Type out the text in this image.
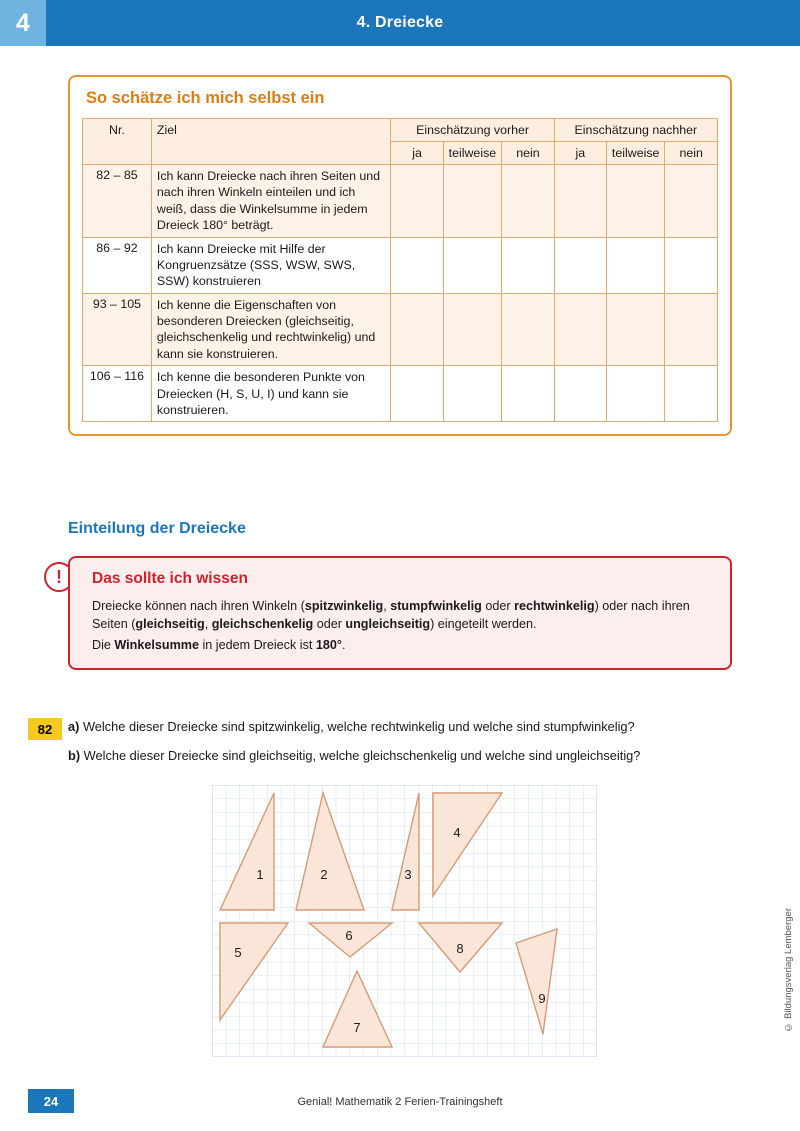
4	4. Dreiecke
So schätze ich mich selbst ein
Nr.	Ziel	Einschätzung vorher			Einschätzung nachher		
		ja	teilweise	nein	ja	teilweise	nein
82 – 85	Ich kann Dreiecke nach ihren Seiten und nach ihren Winkeln einteilen und ich weiß, dass die Winkelsumme in jedem Dreieck 180° beträgt.						
86 – 92	Ich kann Dreiecke mit Hilfe der Kongruenzsätze (SSS, WSW, SWS, SSW) konstruieren						
93 – 105	Ich kenne die Eigenschaften von besonderen Dreiecken (gleichseitig, gleichschenkelig und rechtwinkelig) und kann sie konstruieren.						
106 – 116	Ich kenne die besonderen Punkte von Dreiecken (H, S, U, I) und kann sie konstruieren.						
Einteilung der Dreiecke
!	Das sollte ich wissen

Dreiecke können nach ihren Winkeln (spitzwinkelig, stumpfwinkelig oder rechtwinkelig) oder nach ihren Seiten (gleichseitig, gleichschenkelig oder ungleichseitig) eingeteilt werden.

Die Winkelsumme in jedem Dreieck ist 180°.

82	a) Welche dieser Dreiecke sind spitzwinkelig, welche rechtwinkelig und welche sind stumpfwinkelig?
b) Welche dieser Dreiecke sind gleichseitig, welche gleichschenkelig und welche sind ungleichseitig?
1	2	3
4
5
6
7
8
9	© Bildungsverlag Lemberger
24	Genial! Mathematik 2 Ferien-Trainingsheft
